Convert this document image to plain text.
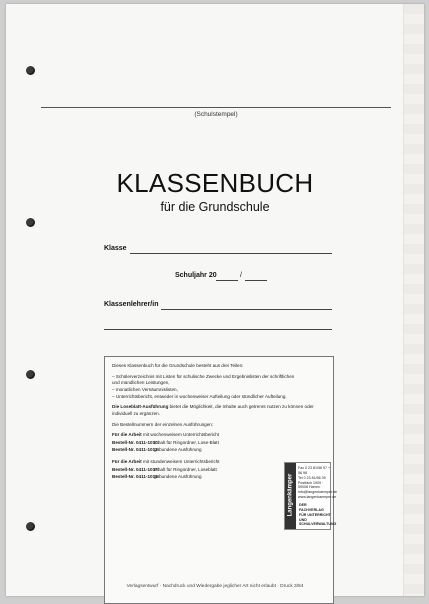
(Schulstempel)
KLASSENBUCH
für die Grundschule
Klasse
Schuljahr 20	/
Klassenlehrer/in

Dieses Klassenbuch für die Grundschule besteht aus drei Teilen:

– Schülerverzeichnis mit Listen für schulische Zwecke und Ergebnislisten der schriftlichen
und mündlichen Leistungen,
– monatlichen Versäumnislisten,
– Unterrichtsbericht, entweder in wochenweiser Aufteilung oder stündlicher Aufteilung.

Die Loseblatt-Ausführung bietet die Möglichkeit, die Inhalte auch getrennt nutzen zu können oder individuell zu ergänzen.

Die Bestellnummern der einzelnen Ausführungen:

Für die Arbeit mit wochenweisem Unterrichtsbericht

Bestell-Nr. 0411-1010:
Inhalt für Ringordner, Lose-Blatt
Bestell-Nr. 0411-1012:
gebundene Ausführung

Für die Arbeit mit stundenweisem Unterrichtsbericht

Bestell-Nr. 0411-1017:
Inhalt für Ringordner, Loseblatt
Bestell-Nr. 0411-1019:
gebundene Ausführung	Langenkämper
Fax 0 23 81/56 97 + 56 98
Tel 0 23 81/56 39
Postfach 1909 · 59008 Hamm
info@langenkaemper.de
www.langenkaemper.de
DER FACHVERLAG
FÜR UNTERRICHT
UND
SCHULVERWALTUNG
Verlagsentwurf · Nachdruck und Wiedergabe jeglicher Art nicht erlaubt · Druck 3/84
